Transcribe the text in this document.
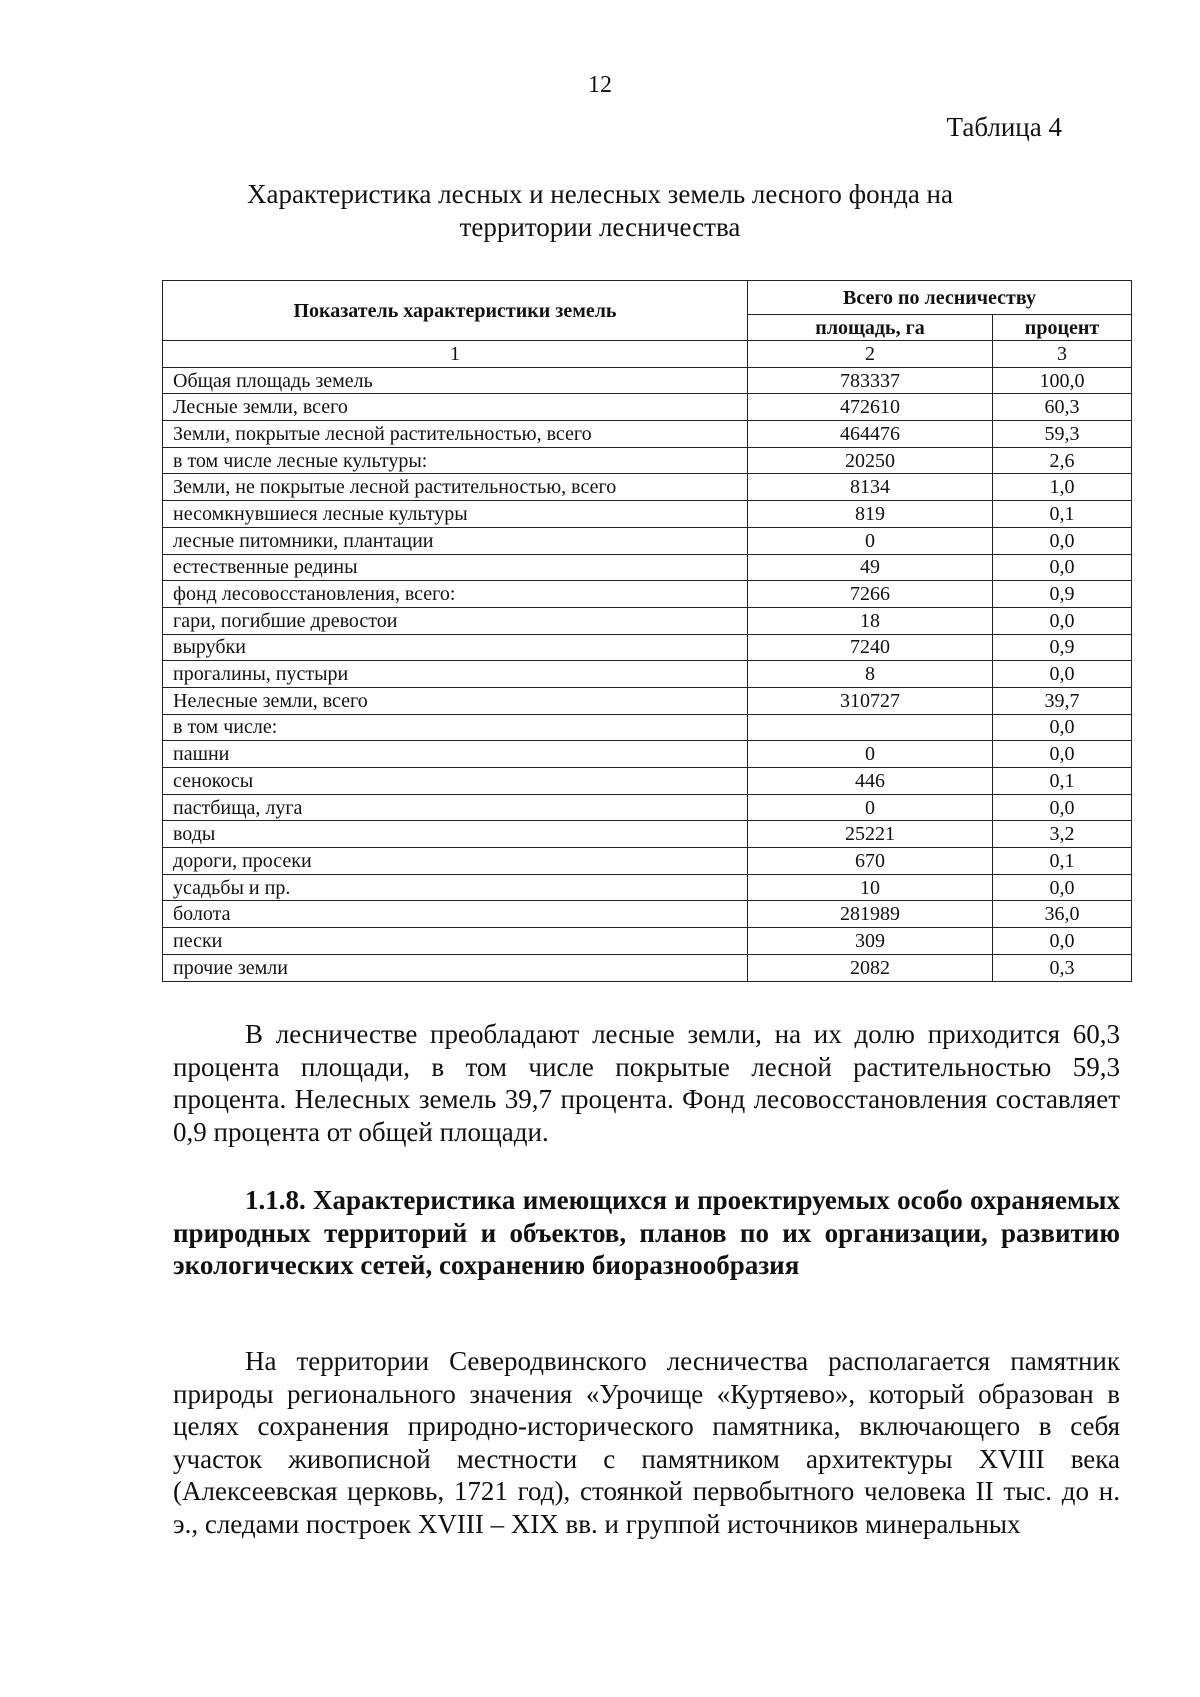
12
Таблица 4
Характеристика лесных и нелесных земель лесного фонда на территории лесничества
Показатель характеристики земель	Всего по лесничеству	
	площадь, га	процент
1	2	3
Общая площадь земель	783337	100,0
Лесные земли, всего	472610	60,3
Земли, покрытые лесной растительностью, всего	464476	59,3
в том числе лесные культуры:	20250	2,6
Земли, не покрытые лесной растительностью, всего	8134	1,0
несомкнувшиеся лесные культуры	819	0,1
лесные питомники, плантации	0	0,0
естественные редины	49	0,0
фонд лесовосстановления, всего:	7266	0,9
гари, погибшие древостои	18	0,0
вырубки	7240	0,9
прогалины, пустыри	8	0,0
Нелесные земли, всего	310727	39,7
в том числе:		0,0
пашни	0	0,0
сенокосы	446	0,1
пастбища, луга	0	0,0
воды	25221	3,2
дороги, просеки	670	0,1
усадьбы и пр.	10	0,0
болота	281989	36,0
пески	309	0,0
прочие земли	2082	0,3
В лесничестве преобладают лесные земли, на их долю приходится 60,3 процента площади, в том числе покрытые лесной растительностью 59,3 процента. Нелесных земель 39,7 процента. Фонд лесовосстановления составляет 0,9 процента от общей площади.
1.1.8. Характеристика имеющихся и проектируемых особо охраняемых природных территорий и объектов, планов по их организации, развитию экологических сетей, сохранению биоразнообразия
На территории Северодвинского лесничества располагается памятник природы регионального значения «Урочище «Куртяево», который образован в целях сохранения природно-исторического памятника, включающего в себя участок живописной местности с памятником архитектуры XVIII века (Алексеевская церковь, 1721 год), стоянкой первобытного человека II тыс. до н. э., следами построек XVIII – XIX вв. и группой источников минеральных
